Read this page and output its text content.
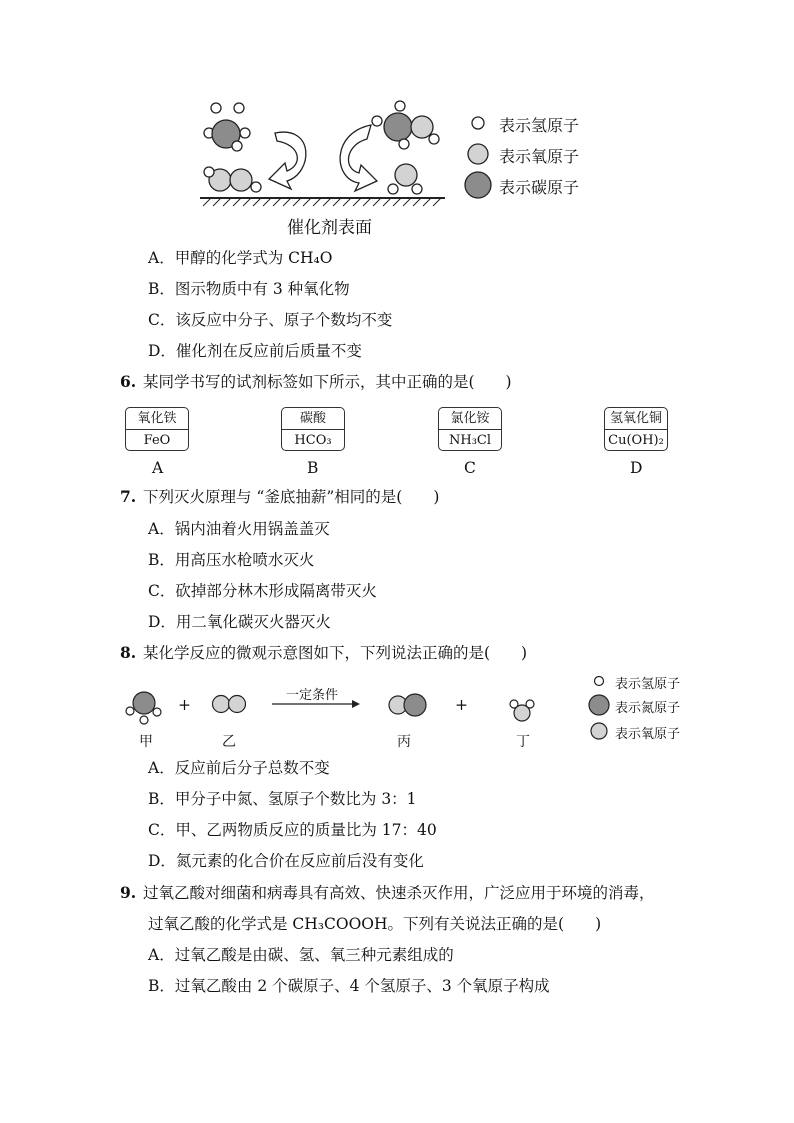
催化剂表面
表示氢原子
表示氧原子
表示碳原子
A．甲醇的化学式为 CH₄O
B．图示物质中有 3 种氧化物
C．该反应中分子、原子个数均不变
D．催化剂在反应前后质量不变
6. 某同学书写的试剂标签如下所示，其中正确的是(　　)
氧化铁
FeO
碳酸
HCO₃
氯化铵
NH₃Cl
氢氧化铜
Cu(OH)₂
A	B	C	D
7. 下列灭火原理与 “釜底抽薪”相同的是(　　)
A．锅内油着火用锅盖盖灭
B．用高压水枪喷水灭火
C．砍掉部分林木形成隔离带灭火
D．用二氧化碳灭火器灭火
8. 某化学反应的微观示意图如下，下列说法正确的是(　　)
一定条件
+	+
甲	乙	丙	丁
表示氢原子
表示氮原子
表示氧原子
A．反应前后分子总数不变
B．甲分子中氮、氢原子个数比为 3：1
C．甲、乙两物质反应的质量比为 17：40
D．氮元素的化合价在反应前后没有变化
9. 过氧乙酸对细菌和病毒具有高效、快速杀灭作用，广泛应用于环境的消毒，
过氧乙酸的化学式是 CH₃COOOH。下列有关说法正确的是(　　)
A．过氧乙酸是由碳、氢、氧三种元素组成的
B．过氧乙酸由 2 个碳原子、4 个氢原子、3 个氧原子构成
